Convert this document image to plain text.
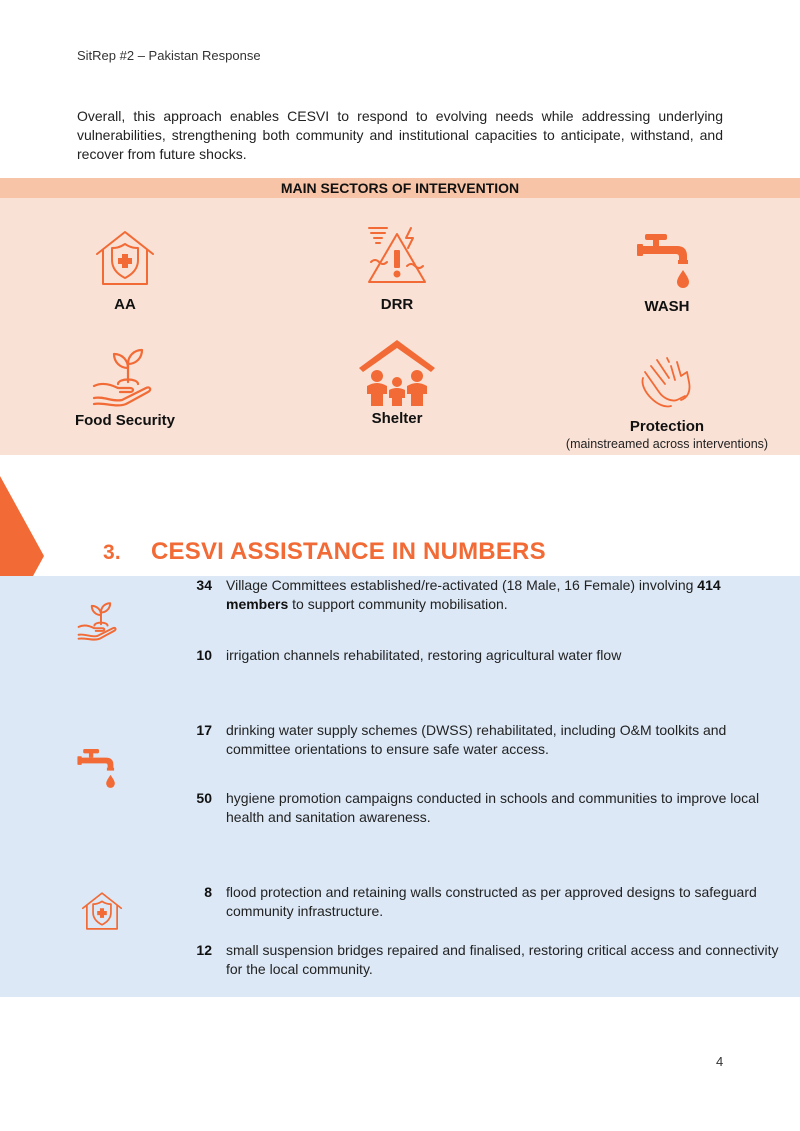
SitRep #2 – Pakistan Response

Overall, this approach enables CESVI to respond to evolving needs while addressing underlying vulnerabilities, strengthening both community and institutional capacities to anticipate, withstand, and recover from future shocks.

MAIN SECTORS OF INTERVENTION
AA	DRR	WASH
Food Security	Shelter	Protection
(mainstreamed across interventions)
3. CESVI ASSISTANCE IN NUMBERS
34 Village Committees established/re-activated (18 Male, 16 Female) involving 414 members to support community mobilisation.
10 irrigation channels rehabilitated, restoring agricultural water flow
17 drinking water supply schemes (DWSS) rehabilitated, including O&M toolkits and committee orientations to ensure safe water access.
50 hygiene promotion campaigns conducted in schools and communities to improve local health and sanitation awareness.
8 flood protection and retaining walls constructed as per approved designs to safeguard community infrastructure.
12 small suspension bridges repaired and finalised, restoring critical access and connectivity for the local community.
4
